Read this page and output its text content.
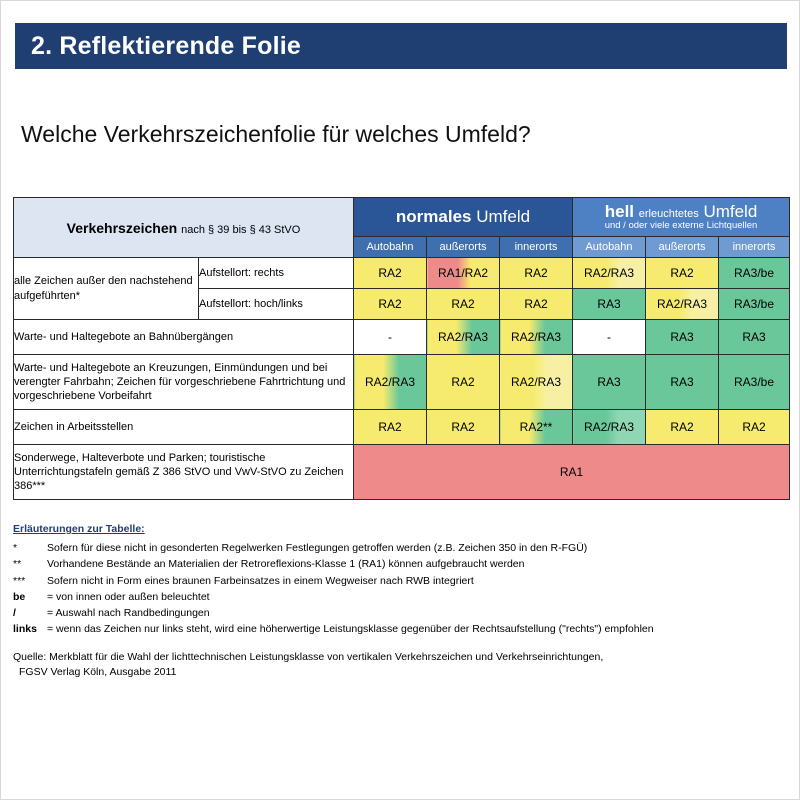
2. Reflektierende Folie
Welche Verkehrszeichenfolie für welches Umfeld?
Verkehrszeichen nach § 39 bis § 43 StVO		normales Umfeld			hell erleuchtetes Umfeld
und / oder viele externe Lichtquellen		

		Autobahn	außerorts	innerorts	Autobahn	außerorts	innerorts
alle Zeichen außer den nachstehend aufgeführten*	Aufstellort: rechts	RA2	RA1/RA2	RA2	RA2/RA3	RA2	RA3/be
	Aufstellort: hoch/links	RA2	RA2	RA2	RA3	RA2/RA3	RA3/be
Warte- und Haltegebote an Bahnübergängen		-	RA2/RA3	RA2/RA3	-	RA3	RA3
Warte- und Haltegebote an Kreuzungen, Einmündungen und bei verengter Fahrbahn; Zeichen für vorgeschriebene Fahrtrichtung und vorgeschriebene Vorbeifahrt		RA2/RA3	RA2	RA2/RA3	RA3	RA3	RA3/be
Zeichen in Arbeitsstellen		RA2	RA2	RA2**	RA2/RA3	RA2	RA2
Sonderwege, Halteverbote und Parken; touristische Unterrichtungstafeln gemäß Z 386 StVO und VwV-StVO zu Zeichen 386***		RA1					
Erläuterungen zur Tabelle:
*	Sofern für diese nicht in gesonderten Regelwerken Festlegungen getroffen werden (z.B. Zeichen 350 in den R-FGÜ)
**	Vorhandene Bestände an Materialien der Retroreflexions-Klasse 1 (RA1) können aufgebraucht werden
***	Sofern nicht in Form eines braunen Farbeinsatzes in einem Wegweiser nach RWB integriert
be	= von innen oder außen beleuchtet
/	= Auswahl nach Randbedingungen
links = wenn das Zeichen nur links steht, wird eine höherwertige Leistungsklasse gegenüber der Rechtsaufstellung ("rechts") empfohlen
Quelle: Merkblatt für die Wahl der lichttechnischen Leistungsklasse von vertikalen Verkehrszeichen und Verkehrseinrichtungen,
FGSV Verlag Köln, Ausgabe 2011
